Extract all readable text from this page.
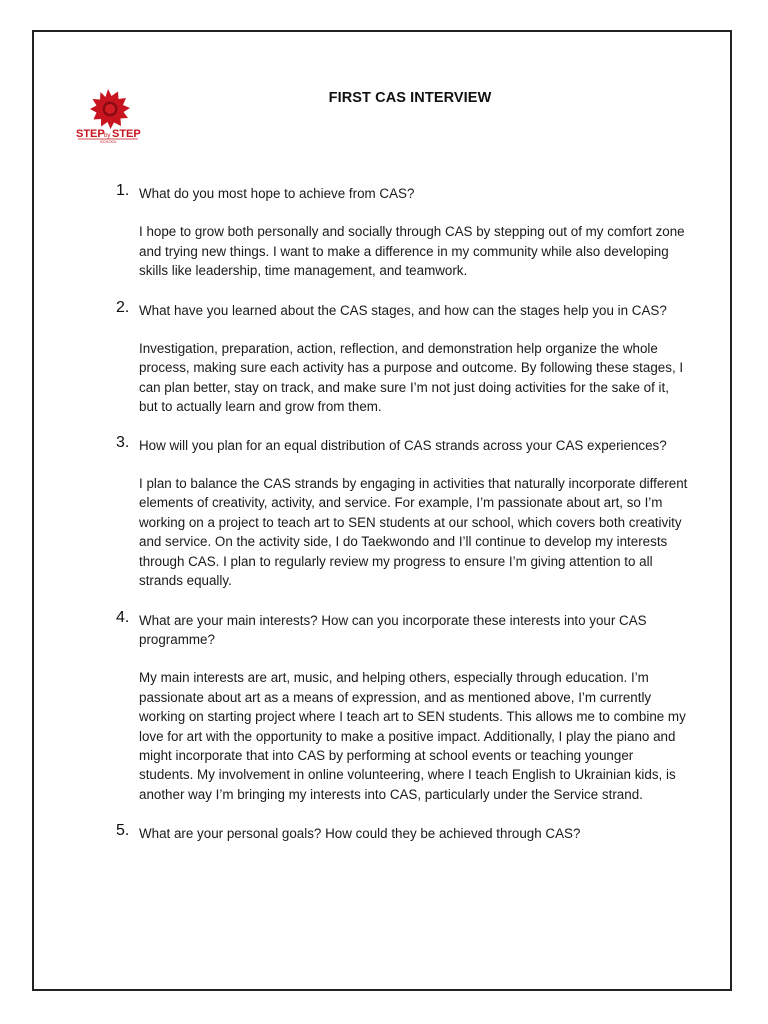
STEP by STEP
SCHOOL
FIRST CAS INTERVIEW
1. What do you most hope to achieve from CAS?

I hope to grow both personally and socially through CAS by stepping out of my comfort zone and trying new things. I want to make a difference in my community while also developing skills like leadership, time management, and teamwork.

2. What have you learned about the CAS stages, and how can the stages help you in CAS?

Investigation, preparation, action, reflection, and demonstration help organize the whole process, making sure each activity has a purpose and outcome. By following these stages, I can plan better, stay on track, and make sure I’m not just doing activities for the sake of it, but to actually learn and grow from them.

3. How will you plan for an equal distribution of CAS strands across your CAS experiences?

I plan to balance the CAS strands by engaging in activities that naturally incorporate different elements of creativity, activity, and service. For example, I’m passionate about art, so I’m working on a project to teach art to SEN students at our school, which covers both creativity and service. On the activity side, I do Taekwondo and I’ll continue to develop my interests through CAS. I plan to regularly review my progress to ensure I’m giving attention to all strands equally.

4. What are your main interests? How can you incorporate these interests into your CAS programme?

My main interests are art, music, and helping others, especially through education. I’m passionate about art as a means of expression, and as mentioned above, I’m currently working on starting project where I teach art to SEN students. This allows me to combine my love for art with the opportunity to make a positive impact. Additionally, I play the piano and might incorporate that into CAS by performing at school events or teaching younger students. My involvement in online volunteering, where I teach English to Ukrainian kids, is another way I’m bringing my interests into CAS, particularly under the Service strand.

5. What are your personal goals? How could they be achieved through CAS?
